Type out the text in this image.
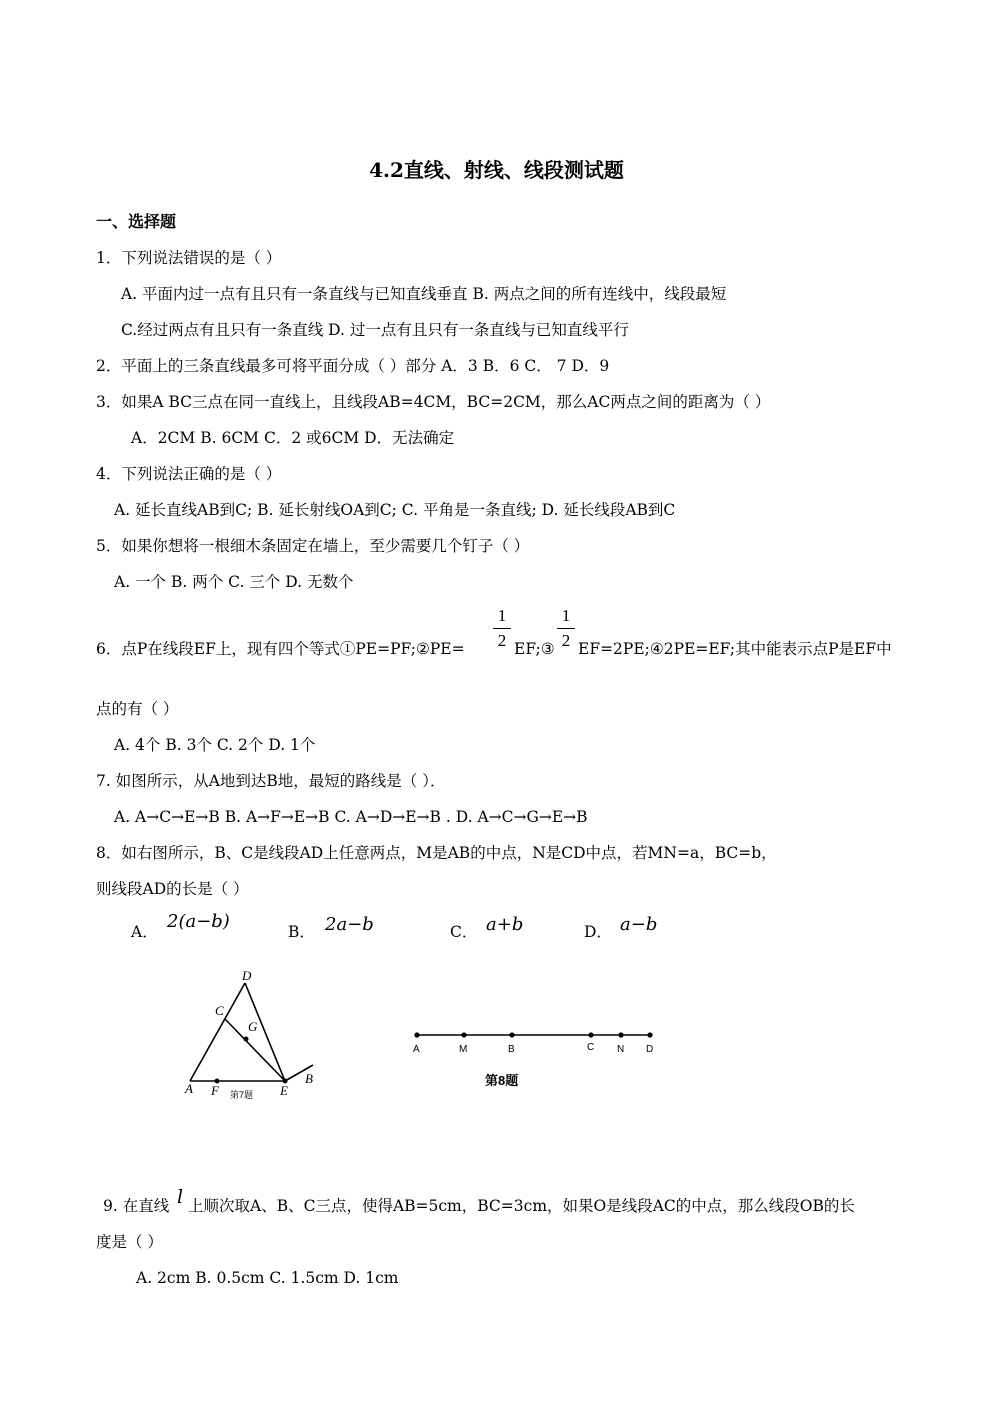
4.2直线、射线、线段测试题
一、选择题
1．下列说法错误的是（ ）
A. 平面内过一点有且只有一条直线与已知直线垂直 B. 两点之间的所有连线中，线段最短
C.经过两点有且只有一条直线 D. 过一点有且只有一条直线与已知直线平行
2．平面上的三条直线最多可将平面分成（ ）部分 A．3 B．6 C． 7 D．9
3．如果A BC三点在同一直线上，且线段AB=4CM，BC=2CM，那么AC两点之间的距离为（ ）
A．2CM B. 6CM C．2 或6CM D．无法确定
4．下列说法正确的是（ ）
A. 延长直线AB到C; B. 延长射线OA到C; C. 平角是一条直线; D. 延长线段AB到C
5．如果你想将一根细木条固定在墙上，至少需要几个钉子（ ）
A. 一个 B. 两个 C. 三个 D. 无数个
6．点P在线段EF上，现有四个等式①PE=PF;②PE=
1
2 EF;③
1
2 EF=2PE;④2PE=EF;其中能表示点P是EF中
点的有（ ）
A. 4个 B. 3个 C. 2个 D. 1个
7. 如图所示，从A地到达B地，最短的路线是（ ）．
A. A→C→E→B B. A→F→E→B C. A→D→E→B . D. A→C→G→E→B
8．如右图所示，B、C是线段AD上任意两点，M是AB的中点，N是CD中点，若MN=a，BC=b，
则线段AD的长是（ ）
A． 2(a−b)	B． 2a−b	C． a+b	D． a−b
D
C
G
A F	E
B
第7题
A	M	B	C N D
第8题
9. 在直线 l 上顺次取A、B、C三点，使得AB=5cm，BC=3cm，如果O是线段AC的中点，那么线段OB的长
度是（ ）
A. 2cm B. 0.5cm C. 1.5cm D. 1cm
